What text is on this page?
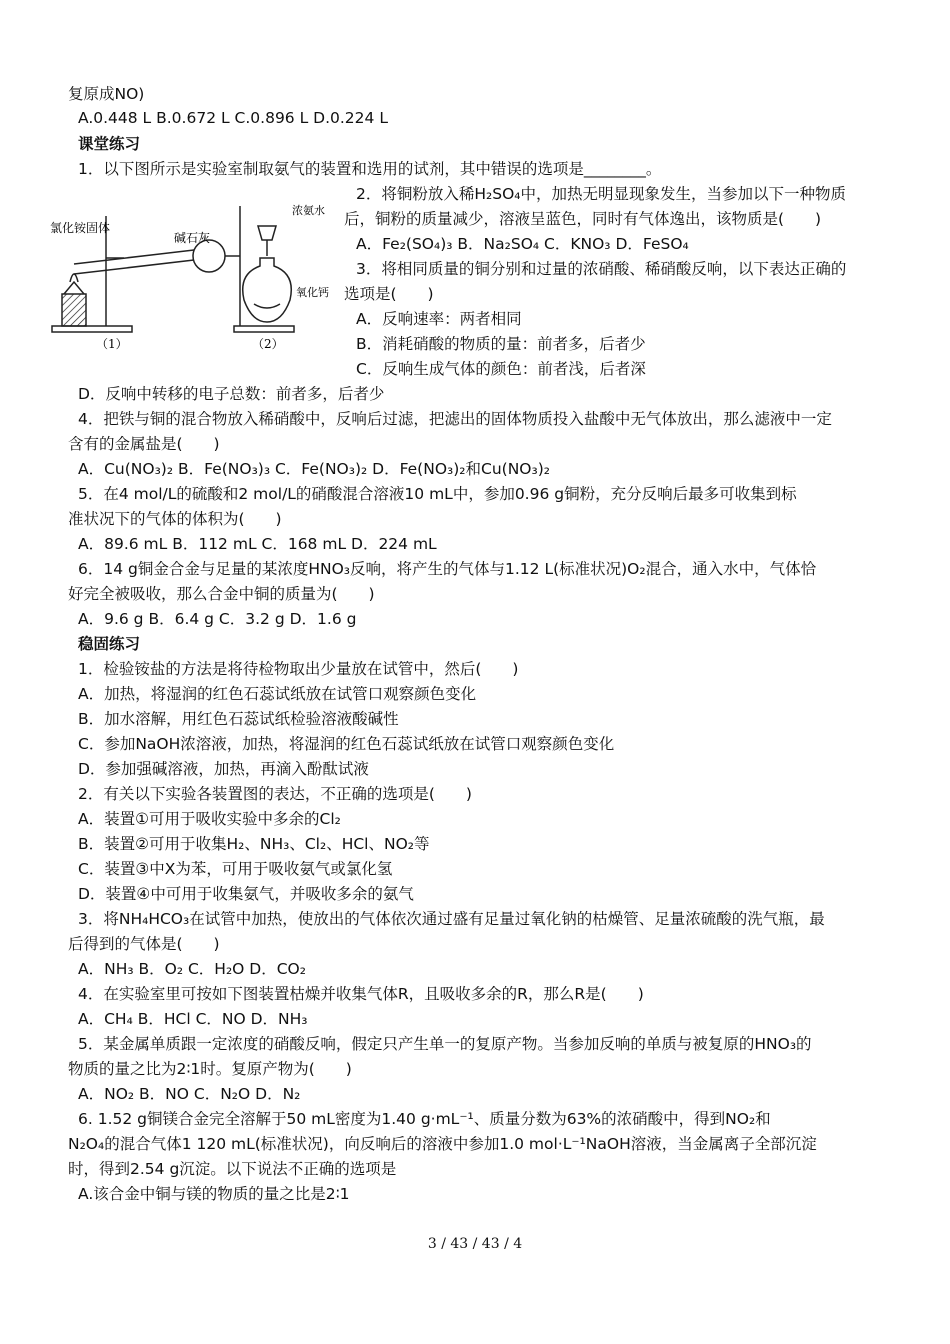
复原成NO)
A.0.448 L B.0.672 L C.0.896 L D.0.224 L
课堂练习
1．以下图所示是实验室制取氨气的装置和选用的试剂，其中错误的选项是________。
氯化铵固体
碱石灰
浓氨水
氧化钙
（1）	（2）
2．将铜粉放入稀H₂SO₄中，加热无明显现象发生，当参加以下一种物质
后，铜粉的质量减少，溶液呈蓝色，同时有气体逸出，该物质是(　　)
A．Fe₂(SO₄)₃ B．Na₂SO₄ C．KNO₃ D．FeSO₄
3．将相同质量的铜分别和过量的浓硝酸、稀硝酸反响，以下表达正确的
选项是(　　)
A．反响速率：两者相同
B．消耗硝酸的物质的量：前者多，后者少
C．反响生成气体的颜色：前者浅，后者深
D．反响中转移的电子总数：前者多，后者少
4．把铁与铜的混合物放入稀硝酸中，反响后过滤，把滤出的固体物质投入盐酸中无气体放出，那么滤液中一定
含有的金属盐是(　　)
A．Cu(NO₃)₂ B．Fe(NO₃)₃ C．Fe(NO₃)₂ D．Fe(NO₃)₂和Cu(NO₃)₂
5．在4 mol/L的硫酸和2 mol/L的硝酸混合溶液10 mL中，参加0.96 g铜粉，充分反响后最多可收集到标
准状况下的气体的体积为(　　)
A．89.6 mL B．112 mL C．168 mL D．224 mL
6．14 g铜金合金与足量的某浓度HNO₃反响，将产生的气体与1.12 L(标准状况)O₂混合，通入水中，气体恰
好完全被吸收，那么合金中铜的质量为(　　)
A．9.6 g B．6.4 g C．3.2 g D．1.6 g
稳固练习
1．检验铵盐的方法是将待检物取出少量放在试管中，然后(　　)
A．加热，将湿润的红色石蕊试纸放在试管口观察颜色变化
B．加水溶解，用红色石蕊试纸检验溶液酸碱性
C．参加NaOH浓溶液，加热，将湿润的红色石蕊试纸放在试管口观察颜色变化
D．参加强碱溶液，加热，再滴入酚酞试液
2．有关以下实验各装置图的表达，不正确的选项是(　　)
A．装置①可用于吸收实验中多余的Cl₂
B．装置②可用于收集H₂、NH₃、Cl₂、HCl、NO₂等
C．装置③中X为苯，可用于吸收氨气或氯化氢
D．装置④中可用于收集氨气，并吸收多余的氨气
3．将NH₄HCO₃在试管中加热，使放出的气体依次通过盛有足量过氧化钠的枯燥管、足量浓硫酸的洗气瓶，最
后得到的气体是(　　)
A．NH₃ B．O₂ C．H₂O D．CO₂
4．在实验室里可按如下图装置枯燥并收集气体R，且吸收多余的R，那么R是(　　)
A．CH₄ B．HCl C．NO D．NH₃
5．某金属单质跟一定浓度的硝酸反响，假定只产生单一的复原产物。当参加反响的单质与被复原的HNO₃的
物质的量之比为2∶1时。复原产物为(　　)
A．NO₂ B．NO C．N₂O D．N₂
6. 1.52 g铜镁合金完全溶解于50 mL密度为1.40 g·mL⁻¹、质量分数为63%的浓硝酸中，得到NO₂和
N₂O₄的混合气体1 120 mL(标准状况)，向反响后的溶液中参加1.0 mol·L⁻¹NaOH溶液，当金属离子全部沉淀
时，得到2.54 g沉淀。以下说法不正确的选项是
A.该合金中铜与镁的物质的量之比是2∶1
3 / 43 / 43 / 4
